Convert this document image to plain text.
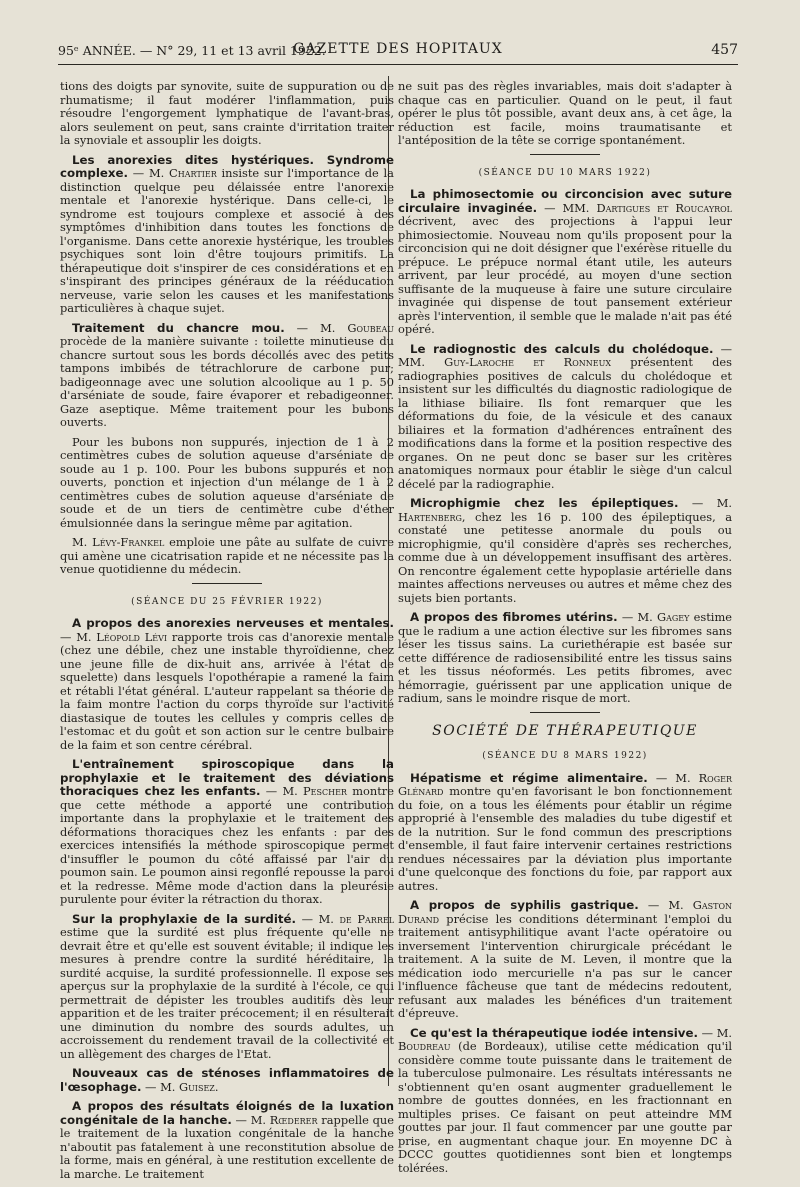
95ᵉ ANNÉE. — N° 29, 11 et 13 avril 1922.
GAZETTE DES HOPITAUX	457

tions des doigts par synovite, suite de suppuration ou de rhumatisme; il faut modérer l'inflammation, puis résoudre l'engorgement lymphatique de l'avant-bras, alors seulement on peut, sans crainte d'irritation traiter la synoviale et assouplir les doigts.

Les anorexies dites hystériques. Syndrome complexe. — M. Chartier insiste sur l'importance de la distinction quelque peu délaissée entre l'anorexie mentale et l'anorexie hystérique. Dans celle-ci, le syndrome est toujours complexe et associé à des symptômes d'inhibition dans toutes les fonctions de l'organisme. Dans cette anorexie hystérique, les troubles psychiques sont loin d'être toujours primitifs. La thérapeutique doit s'inspirer de ces considérations et en s'inspirant des principes généraux de la rééducation nerveuse, varie selon les causes et les manifestations particulières à chaque sujet.

Traitement du chancre mou. — M. Goubeau procède de la manière suivante : toilette minutieuse du chancre surtout sous les bords décollés avec des petits tampons imbibés de tétrachlorure de carbone pur; badigeonnage avec une solution alcoolique au 1 p. 50 d'arséniate de soude, faire évaporer et rebadigeonner. Gaze aseptique. Même traitement pour les bubons ouverts.

Pour les bubons non suppurés, injection de 1 à 2 centimètres cubes de solution aqueuse d'arséniate de soude au 1 p. 100. Pour les bubons suppurés et non ouverts, ponction et injection d'un mélange de 1 à 2 centimètres cubes de solution aqueuse d'arséniate de soude et de un tiers de centimètre cube d'éther émulsionnée dans la seringue même par agitation.

M. Lévy-Frankel emploie une pâte au sulfate de cuivre qui amène une cicatrisation rapide et ne nécessite pas la venue quotidienne du médecin.

(SÉANCE DU 25 FÉVRIER 1922)

A propos des anorexies nerveuses et mentales. — M. Léopold Lévi rapporte trois cas d'anorexie mentale (chez une débile, chez une instable thyroïdienne, chez une jeune fille de dix-huit ans, arrivée à l'état de squelette) dans lesquels l'opothérapie a ramené la faim et rétabli l'état général. L'auteur rappelant sa théorie de la faim montre l'action du corps thyroïde sur l'activité diastasique de toutes les cellules y compris celles de l'estomac et du goût et son action sur le centre bulbaire de la faim et son centre cérébral.

L'entraînement spiroscopique dans la prophylaxie et le traitement des déviations thoraciques chez les enfants. — M. Pescher montre que cette méthode a apporté une contribution importante dans la prophylaxie et le traitement des déformations thoraciques chez les enfants : par des exercices intensifiés la méthode spiroscopique permet d'insuffler le poumon du côté affaissé par l'air du poumon sain. Le poumon ainsi regonflé repousse la paroi et la redresse. Même mode d'action dans la pleurésie purulente pour éviter la rétraction du thorax.

Sur la prophylaxie de la surdité. — M. de Parrel estime que la surdité est plus fréquente qu'elle ne devrait être et qu'elle est souvent évitable; il indique les mesures à prendre contre la surdité héréditaire, la surdité acquise, la surdité professionnelle. Il expose ses aperçus sur la prophylaxie de la surdité à l'école, ce qui permettrait de dépister les troubles auditifs dès leur apparition et de les traiter précocement; il en résulterait une diminution du nombre des sourds adultes, un accroissement du rendement travail de la collectivité et un allègement des charges de l'Etat.

Nouveaux cas de sténoses inflammatoires de l'œsophage. — M. Guisez.

A propos des résultats éloignés de la luxation congénitale de la hanche. — M. Rœderer rappelle que le traitement de la luxation congénitale de la hanche n'aboutit pas fatalement à une reconstitution absolue de la forme, mais en général, à une restitution excellente de la marche. Le traitement

ne suit pas des règles invariables, mais doit s'adapter à chaque cas en particulier. Quand on le peut, il faut opérer le plus tôt possible, avant deux ans, à cet âge, la réduction est facile, moins traumatisante et l'antéposition de la tête se corrige spontanément.

(SÉANCE DU 10 MARS 1922)

La phimosectomie ou circoncision avec suture circulaire invaginée. — MM. Dartigues et Roucayrol décrivent, avec des projections à l'appui leur phimosiectomie. Nouveau nom qu'ils proposent pour la circoncision qui ne doit désigner que l'exérèse rituelle du prépuce. Le prépuce normal étant utile, les auteurs arrivent, par leur procédé, au moyen d'une section suffisante de la muqueuse à faire une suture circulaire invaginée qui dispense de tout pansement extérieur après l'intervention, il semble que le malade n'ait pas été opéré.

Le radiognostic des calculs du cholédoque. — MM. Guy-Laroche et Ronneux présentent des radiographies positives de calculs du cholédoque et insistent sur les difficultés du diagnostic radiologique de la lithiase biliaire. Ils font remarquer que les déformations du foie, de la vésicule et des canaux biliaires et la formation d'adhérences entraînent des modifications dans la forme et la position respective des organes. On ne peut donc se baser sur les critères anatomiques normaux pour établir le siège d'un calcul décelé par la radiographie.

Microphigmie chez les épileptiques. — M. Hartenberg, chez les 16 p. 100 des épileptiques, a constaté une petitesse anormale du pouls ou microphigmie, qu'il considère d'après ses recherches, comme due à un développement insuffisant des artères. On rencontre également cette hypoplasie artérielle dans maintes affections nerveuses ou autres et même chez des sujets bien portants.

A propos des fibromes utérins. — M. Gagey estime que le radium a une action élective sur les fibromes sans léser les tissus sains. La curiethérapie est basée sur cette différence de radiosensibilité entre les tissus sains et les tissus néoformés. Les petits fibromes, avec hémorragie, guérissent par une application unique de radium, sans le moindre risque de mort.

SOCIÉTÉ DE THÉRAPEUTIQUE

(SÉANCE DU 8 MARS 1922)

Hépatisme et régime alimentaire. — M. Roger Glénard montre qu'en favorisant le bon fonctionnement du foie, on a tous les éléments pour établir un régime approprié à l'ensemble des maladies du tube digestif et de la nutrition. Sur le fond commun des prescriptions d'ensemble, il faut faire intervenir certaines restrictions rendues nécessaires par la déviation plus importante d'une quelconque des fonctions du foie, par rapport aux autres.

A propos de syphilis gastrique. — M. Gaston Durand précise les conditions déterminant l'emploi du traitement antisyphilitique avant l'acte opératoire ou inversement l'intervention chirurgicale précédant le traitement. A la suite de M. Leven, il montre que la médication iodo mercurielle n'a pas sur le cancer l'influence fâcheuse que tant de médecins redoutent, refusant aux malades les bénéfices d'un traitement d'épreuve.

Ce qu'est la thérapeutique iodée intensive. — M. Boudreau (de Bordeaux), utilise cette médication qu'il considère comme toute puissante dans le traitement de la tuberculose pulmonaire. Les résultats intéressants ne s'obtiennent qu'en osant augmenter graduellement le nombre de gouttes données, en les fractionnant en multiples prises. Ce faisant on peut atteindre MM gouttes par jour. Il faut commencer par une goutte par prise, en augmentant chaque jour. En moyenne DC à DCCC gouttes quotidiennes sont bien et longtemps tolérées.
